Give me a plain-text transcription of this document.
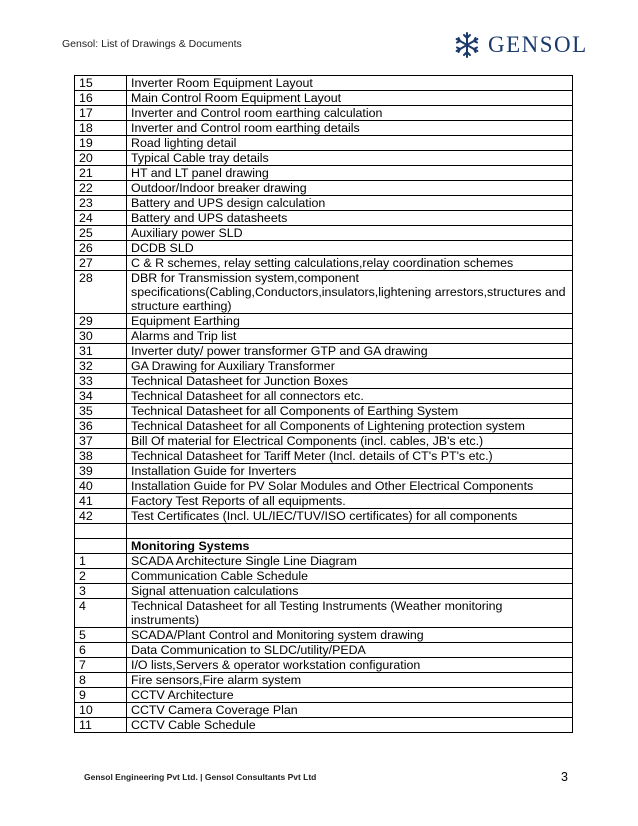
Gensol: List of Drawings & Documents	GENSOL
15	Inverter Room Equipment Layout
16	Main Control Room Equipment Layout
17	Inverter and Control room earthing calculation
18	Inverter and Control room earthing details
19	Road lighting detail
20	Typical Cable tray details
21	HT and LT panel drawing
22	Outdoor/Indoor breaker drawing
23	Battery and UPS design calculation
24	Battery and UPS datasheets
25	Auxiliary power SLD
26	DCDB SLD
27	C & R schemes, relay setting calculations,relay coordination schemes
28	DBR for Transmission system,component specifications(Cabling,Conductors,insulators,lightening arrestors,structures and structure earthing)
29	Equipment Earthing
30	Alarms and Trip list
31	Inverter duty/ power transformer GTP and GA drawing
32	GA Drawing for Auxiliary Transformer
33	Technical Datasheet for Junction Boxes
34	Technical Datasheet for all connectors etc.
35	Technical Datasheet for all Components of Earthing System
36	Technical Datasheet for all Components of Lightening protection system
37	Bill Of material for Electrical Components (incl. cables, JB's etc.)
38	Technical Datasheet for Tariff Meter (Incl. details of CT's PT's etc.)
39	Installation Guide for Inverters
40	Installation Guide for PV Solar Modules and Other Electrical Components
41	Factory Test Reports of all equipments.
42	Test Certificates (Incl. UL/IEC/TUV/ISO certificates) for all components

	Monitoring Systems
1	SCADA Architecture Single Line Diagram
2	Communication Cable Schedule
3	Signal attenuation calculations
4	Technical Datasheet for all Testing Instruments (Weather monitoring instruments)
5	SCADA/Plant Control and Monitoring system drawing
6	Data Communication to SLDC/utility/PEDA
7	I/O lists,Servers & operator workstation configuration
8	Fire sensors,Fire alarm system
9	CCTV Architecture
10	CCTV Camera Coverage Plan
11	CCTV Cable Schedule
Gensol Engineering Pvt Ltd. | Gensol Consultants Pvt Ltd	3
